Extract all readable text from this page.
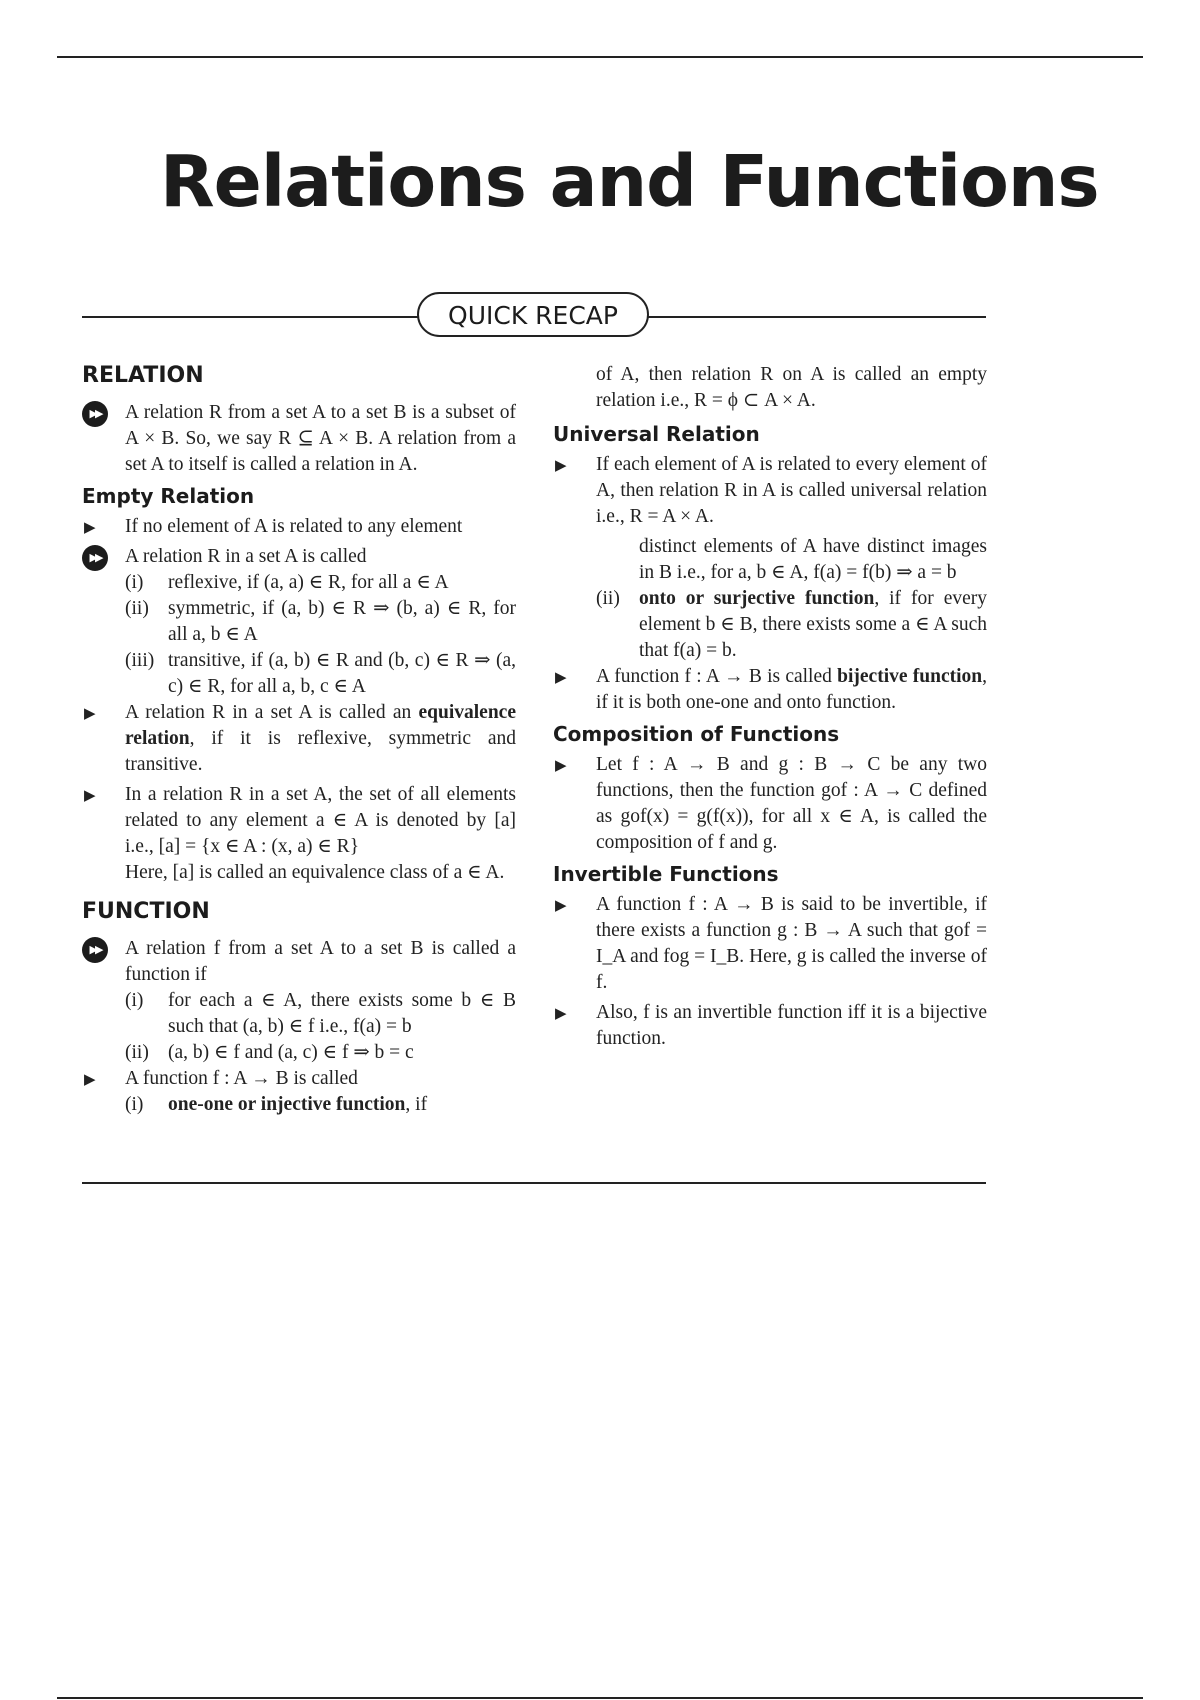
Relations and Functions
QUICK RECAP
RELATION
▶▶	A relation R from a set A to a set B is a subset of A × B. So, we say R ⊆ A × B. A relation from a set A to itself is called a relation in A.
Empty Relation
▶ If no element of A is related to any element
▶▶	A relation R in a set A is called
(i) reflexive, if (a, a) ∈ R, for all a ∈ A
(ii) symmetric, if (a, b) ∈ R ⇒ (b, a) ∈ R, for all a, b ∈ A
(iii) transitive, if (a, b) ∈ R and (b, c) ∈ R ⇒ (a, c) ∈ R, for all a, b, c ∈ A
▶ A relation R in a set A is called an equivalence relation, if it is reflexive, symmetric and transitive.
▶ In a relation R in a set A, the set of all elements related to any element a ∈ A is denoted by [a] i.e., [a] = {x ∈ A : (x, a) ∈ R}
Here, [a] is called an equivalence class of a ∈ A.
FUNCTION
▶▶	A relation f from a set A to a set B is called a function if
(i) for each a ∈ A, there exists some b ∈ B such that (a, b) ∈ f i.e., f(a) = b
(ii) (a, b) ∈ f and (a, c) ∈ f ⇒ b = c
▶ A function f : A → B is called
(i) one-one or injective function, if
of A, then relation R on A is called an empty relation i.e., R = ϕ ⊂ A × A.
Universal Relation
▶ If each element of A is related to every element of A, then relation R in A is called universal relation i.e., R = A × A.
distinct elements of A have distinct images in B i.e., for a, b ∈ A, f(a) = f(b) ⇒ a = b
(ii) onto or surjective function, if for every element b ∈ B, there exists some a ∈ A such that f(a) = b.
▶ A function f : A → B is called bijective function, if it is both one-one and onto function.
Composition of Functions
▶ Let f : A → B and g : B → C be any two functions, then the function gof : A → C defined as gof(x) = g(f(x)), for all x ∈ A, is called the composition of f and g.
Invertible Functions
▶ A function f : A → B is said to be invertible, if there exists a function g : B → A such that gof = I_A and fog = I_B. Here, g is called the inverse of f.
▶ Also, f is an invertible function iff it is a bijective function.
